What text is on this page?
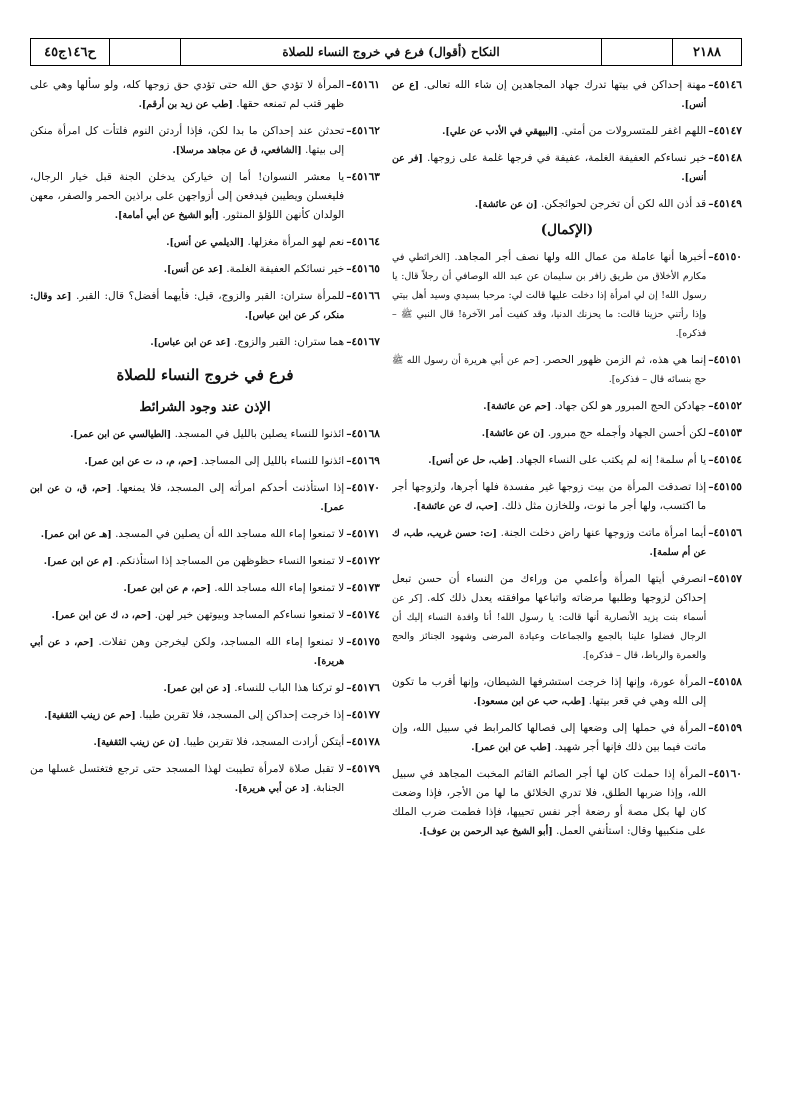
٢١٨٨
النكاح (أقوال) فرع في خروج النساء للصلاة
ح١٤٦ج٤٥
٤٥١٤٦–
مهنة إحداكن في بيتها تدرك جهاد المجاهدين إن شاء الله تعالى. [ع عن أنس].
٤٥١٤٧–
اللهم اغفر للمتسرولات من أمتي. [البيهقي في الأدب عن علي].
٤٥١٤٨–
خير نساءكم العفيفة الغلمة، عفيفة في فرجها غلمة على زوجها. [فر عن أنس].
٤٥١٤٩–
قد أذن الله لكن أن تخرجن لحوائجكن. [ن عن عائشة].
(الإكمال)
٤٥١٥٠–
أخبرها أنها عاملة من عمال الله ولها نصف أجر المجاهد. [الخرائطي في مكارم الأخلاق من طريق زافر بن سليمان عن عبد الله الوصافي أن رجلاً قال: يا رسول الله! إن لي امرأة إذا دخلت عليها قالت لي: مرحبا بسيدي وسيد أهل بيتي وإذا رأتني حزينا قالت: ما يحزنك الدنيا، وقد كفيت أمر الآخرة! قال النبي ﷺ – فذكره].
٤٥١٥١–
إنما هي هذه، ثم الزمن ظهور الحصر. [حم عن أبي هريرة أن رسول الله ﷺ حج بنسائه قال – فذكره].
٤٥١٥٢–
جهادكن الحج المبرور هو لكن جهاد. [حم عن عائشة].
٤٥١٥٣–
لكن أحسن الجهاد وأجمله حج مبرور. [ن عن عائشة].
٤٥١٥٤–
يا أم سلمة! إنه لم يكتب على النساء الجهاد. [طب، حل عن أنس].
٤٥١٥٥–
إذا تصدقت المرأة من بيت زوجها غير مفسدة فلها أجرها، ولزوجها أجر ما اكتسب، ولها أجر ما نوت، وللخازن مثل ذلك. [حب، ك عن عائشة].
٤٥١٥٦–
أيما امرأة ماتت وزوجها عنها راض دخلت الجنة. [ت: حسن غريب، طب، ك عن أم سلمة].
٤٥١٥٧–
انصرفي أيتها المرأة وأعلمي من وراءك من النساء أن حسن تبعل إحداكن لزوجها وطلبها مرضاته واتباعها موافقته يعدل ذلك كله. [كر عن أسماء بنت يزيد الأنصارية أنها قالت: يا رسول الله! أنا وافدة النساء إليك أن الرجال فضلوا علينا بالجمع والجماعات وعيادة المرضى وشهود الجنائز والحج والعمرة والرباط، قال – فذكره].
٤٥١٥٨–
المرأة عورة، وإنها إذا خرجت استشرفها الشيطان، وإنها أقرب ما تكون إلى الله وهي في قعر بيتها. [طب، حب عن ابن مسعود].
٤٥١٥٩–
المرأة في حملها إلى وضعها إلى فصالها كالمرابط في سبيل الله، وإن ماتت فيما بين ذلك فإنها أجر شهيد. [طب عن ابن عمر].
٤٥١٦٠–
المرأة إذا حملت كان لها أجر الصائم القائم المخبت المجاهد في سبيل الله، وإذا ضربها الطلق، فلا تدري الخلائق ما لها من الأجر، فإذا وضعت كان لها بكل مصة أو رضعة أجر نفس تحييها، فإذا فطمت ضرب الملك على منكبيها وقال: استأنفي العمل. [أبو الشيخ عبد الرحمن بن عوف].
٤٥١٦١–
المرأة لا تؤدي حق الله حتى تؤدي حق زوجها كله، ولو سألها وهي على ظهر قتب لم تمنعه حقها. [طب عن زيد بن أرقم].
٤٥١٦٢–
تحدثن عند إحداكن ما بدا لكن، فإذا أردتن النوم فلتأت كل امرأة منكن إلى بيتها. [الشافعي، ق عن مجاهد مرسلا].
٤٥١٦٣–
يا معشر النسوان! أما إن خياركن يدخلن الجنة قبل خيار الرجال، فليغسلن ويطيبن فيدفعن إلى أزواجهن على براذين الحمر والصفر، معهن الولدان كأنهن اللؤلؤ المنثور. [أبو الشيخ عن أبي أمامة].
٤٥١٦٤–
نعم لهو المرأة مغزلها. [الديلمي عن أنس].
٤٥١٦٥–
خير نسائكم العفيفة الغلمة. [عد عن أنس].
٤٥١٦٦–
للمرأة ستران: القبر والزوج، قيل: فأيهما أفضل؟ قال: القبر. [عد وقال: منكر، كر عن ابن عباس].
٤٥١٦٧–
هما ستران: القبر والزوج. [عد عن ابن عباس].
فرع في خروج النساء للصلاة
الإذن عند وجود الشرائط
٤٥١٦٨–
ائذنوا للنساء يصلين بالليل في المسجد. [الطيالسي عن ابن عمر].
٤٥١٦٩–
ائذنوا للنساء بالليل إلى المساجد. [حم، م، د، ت عن ابن عمر].
٤٥١٧٠–
إذا استأذنت أحدكم امرأته إلى المسجد، فلا يمنعها. [حم، ق، ن عن ابن عمر].
٤٥١٧١–
لا تمنعوا إماء الله مساجد الله أن يصلين في المسجد. [هـ عن ابن عمر].
٤٥١٧٢–
لا تمنعوا النساء حظوظهن من المساجد إذا استأذنكم. [م عن ابن عمر].
٤٥١٧٣–
لا تمنعوا إماء الله مساجد الله. [حم، م عن ابن عمر].
٤٥١٧٤–
لا تمنعوا نساءكم المساجد وبيوتهن خير لهن. [حم، د، ك عن ابن عمر].
٤٥١٧٥–
لا تمنعوا إماء الله المساجد، ولكن ليخرجن وهن تفلات. [حم، د عن أبي هريرة].
٤٥١٧٦–
لو تركنا هذا الباب للنساء. [د عن ابن عمر].
٤٥١٧٧–
إذا خرجت إحداكن إلى المسجد، فلا تقربن طيبا. [حم عن زينب الثقفية].
٤٥١٧٨–
أيتكن أرادت المسجد، فلا تقربن طيبا. [ن عن زينب الثقفية].
٤٥١٧٩–
لا تقبل صلاة لامرأة تطيبت لهذا المسجد حتى ترجع فتغتسل غسلها من الجنابة. [د عن أبي هريرة].
